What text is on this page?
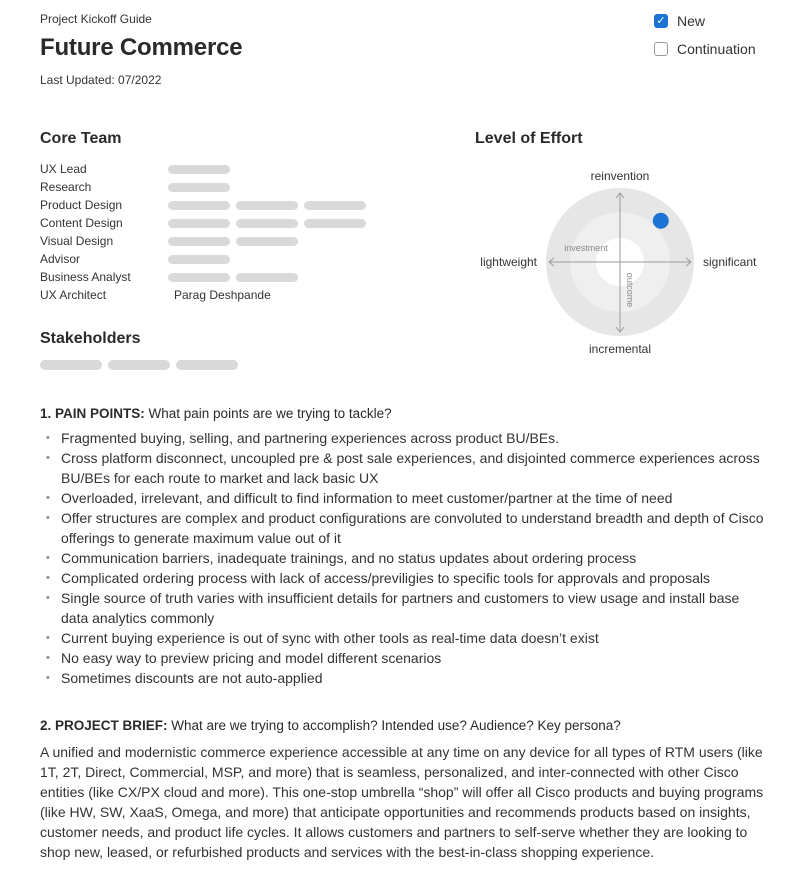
Project Kickoff Guide
Future Commerce
Last Updated: 07/2022
✓ New
Continuation
Core Team
UX Lead
Research
Product Design
Content Design
Visual Design
Advisor
Business Analyst
UX Architect	Parag Deshpande
Stakeholders
Level of Effort
reinvention
incremental
lightweight	significant
investment
outcome
1. PAIN POINTS: What pain points are we trying to tackle?
• Fragmented buying, selling, and partnering experiences across product BU/BEs.
• Cross platform disconnect, uncoupled pre & post sale experiences, and disjointed commerce experiences across BU/BEs for each route to market and lack basic UX
• Overloaded, irrelevant, and difficult to find information to meet customer/partner at the time of need
• Offer structures are complex and product configurations are convoluted to understand breadth and depth of Cisco offerings to generate maximum value out of it
• Communication barriers, inadequate trainings, and no status updates about ordering process
• Complicated ordering process with lack of access/previligies to specific tools for approvals and proposals
• Single source of truth varies with insufficient details for partners and customers to view usage and install base data analytics commonly
• Current buying experience is out of sync with other tools as real-time data doesn’t exist
• No easy way to preview pricing and model different scenarios
• Sometimes discounts are not auto-applied
2. PROJECT BRIEF: What are we trying to accomplish? Intended use? Audience? Key persona?
A unified and modernistic commerce experience accessible at any time on any device for all types of RTM users (like 1T, 2T, Direct, Commercial, MSP, and more) that is seamless, personalized, and inter-connected with other Cisco entities (like CX/PX cloud and more). This one-stop umbrella “shop” will offer all Cisco products and buying programs (like HW, SW, XaaS, Omega, and more) that anticipate opportunities and recommends products based on insights, customer needs, and product life cycles. It allows customers and partners to self-serve whether they are looking to shop new, leased, or refurbished products and services with the best-in-class shopping experience.
